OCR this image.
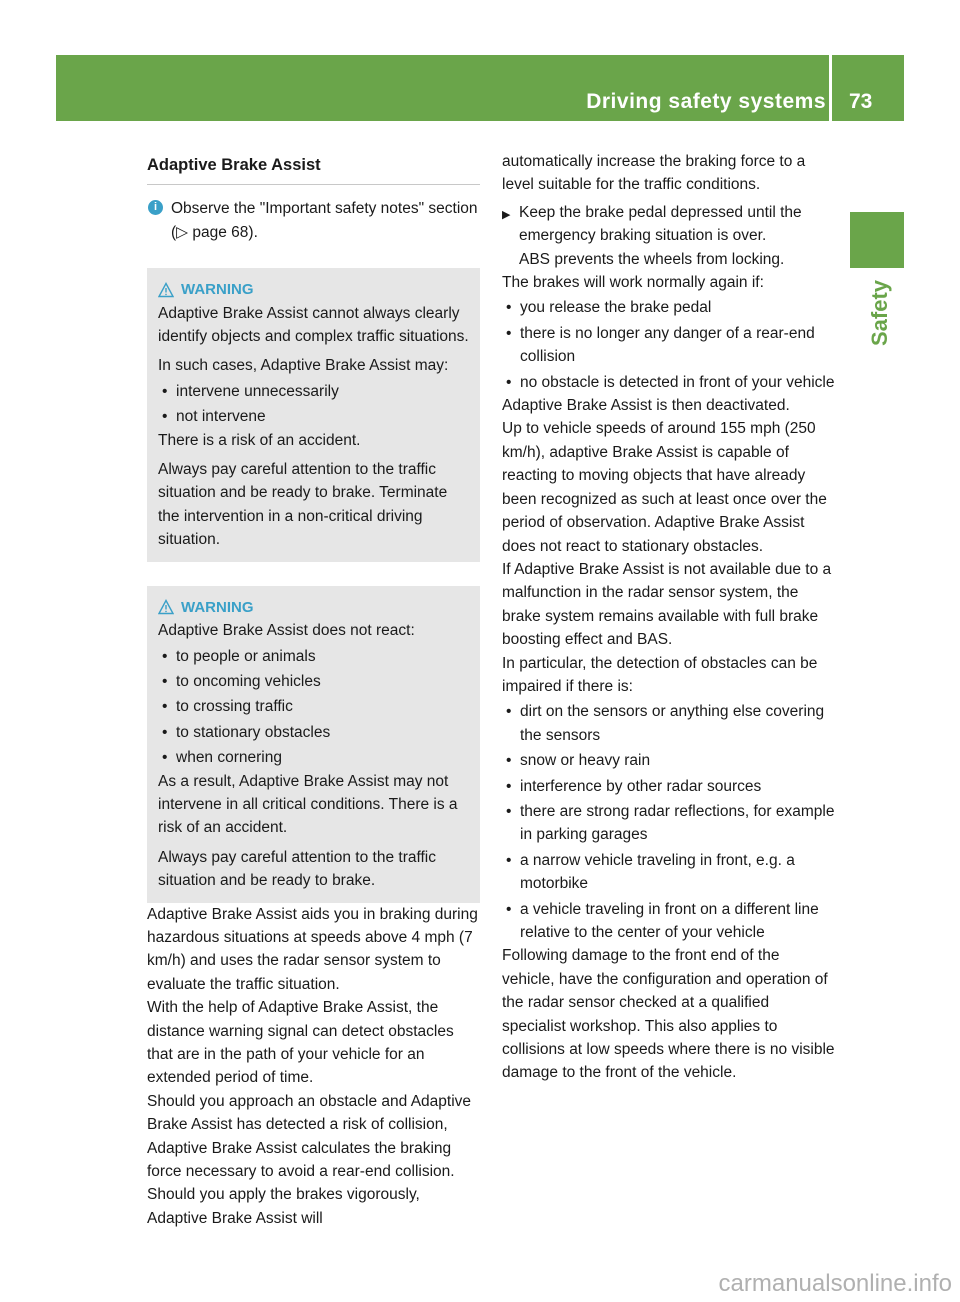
Driving safety systems 73
Safety
Adaptive Brake Assist
i Observe the "Important safety notes" section (▷ page 68).
WARNING

Adaptive Brake Assist cannot always clearly identify objects and complex traffic situations.

In such cases, Adaptive Brake Assist may:

• intervene unnecessarily
• not intervene

There is a risk of an accident.

Always pay careful attention to the traffic situation and be ready to brake. Terminate the intervention in a non-critical driving situation.

WARNING

Adaptive Brake Assist does not react:

• to people or animals
• to oncoming vehicles
• to crossing traffic
• to stationary obstacles
• when cornering

As a result, Adaptive Brake Assist may not intervene in all critical conditions. There is a risk of an accident.

Always pay careful attention to the traffic situation and be ready to brake.

Adaptive Brake Assist aids you in braking during hazardous situations at speeds above 4 mph (7 km/h) and uses the radar sensor system to evaluate the traffic situation.

With the help of Adaptive Brake Assist, the distance warning signal can detect obstacles that are in the path of your vehicle for an extended period of time.

Should you approach an obstacle and Adaptive Brake Assist has detected a risk of collision, Adaptive Brake Assist calculates the braking force necessary to avoid a rear-end collision. Should you apply the brakes vigorously, Adaptive Brake Assist will

automatically increase the braking force to a level suitable for the traffic conditions.

▶ Keep the brake pedal depressed until the emergency braking situation is over.
ABS prevents the wheels from locking.

The brakes will work normally again if:

• you release the brake pedal
• there is no longer any danger of a rear-end collision
• no obstacle is detected in front of your vehicle

Adaptive Brake Assist is then deactivated.

Up to vehicle speeds of around 155 mph (250 km/h), adaptive Brake Assist is capable of reacting to moving objects that have already been recognized as such at least once over the period of observation. Adaptive Brake Assist does not react to stationary obstacles.

If Adaptive Brake Assist is not available due to a malfunction in the radar sensor system, the brake system remains available with full brake boosting effect and BAS.

In particular, the detection of obstacles can be impaired if there is:

• dirt on the sensors or anything else covering the sensors
• snow or heavy rain
• interference by other radar sources
• there are strong radar reflections, for example in parking garages
• a narrow vehicle traveling in front, e.g. a motorbike
• a vehicle traveling in front on a different line relative to the center of your vehicle

Following damage to the front end of the vehicle, have the configuration and operation of the radar sensor checked at a qualified specialist workshop. This also applies to collisions at low speeds where there is no visible damage to the front of the vehicle.

carmanualsonline.info
